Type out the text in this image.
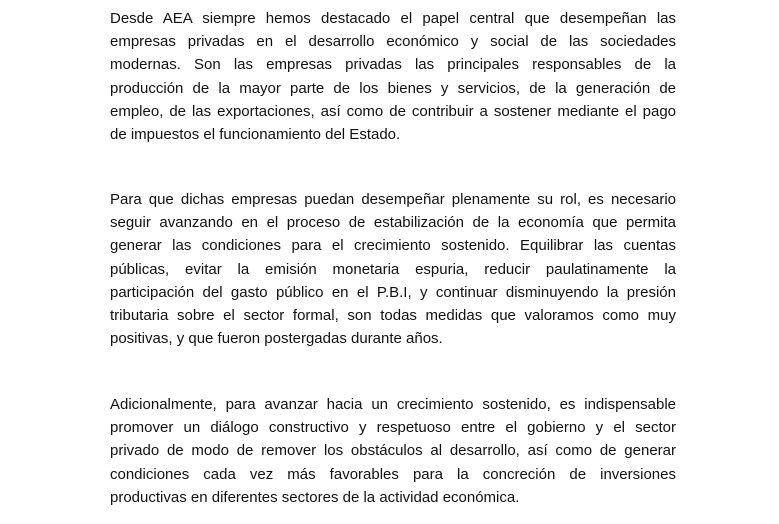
Desde AEA siempre hemos destacado el papel central que desempeñan las
empresas privadas en el desarrollo económico y social de las sociedades
modernas. Son las empresas privadas las principales responsables de la
producción de la mayor parte de los bienes y servicios, de la generación de
empleo, de las exportaciones, así como de contribuir a sostener mediante el pago
de impuestos el funcionamiento del Estado.

Para que dichas empresas puedan desempeñar plenamente su rol, es necesario
seguir avanzando en el proceso de estabilización de la economía que permita
generar las condiciones para el crecimiento sostenido. Equilibrar las cuentas
públicas, evitar la emisión monetaria espuria, reducir paulatinamente la
participación del gasto público en el P.B.I, y continuar disminuyendo la presión
tributaria sobre el sector formal, son todas medidas que valoramos como muy
positivas, y que fueron postergadas durante años.

Adicionalmente, para avanzar hacia un crecimiento sostenido, es indispensable
promover un diálogo constructivo y respetuoso entre el gobierno y el sector
privado de modo de remover los obstáculos al desarrollo, así como de generar
condiciones cada vez más favorables para la concreción de inversiones
productivas en diferentes sectores de la actividad económica.
